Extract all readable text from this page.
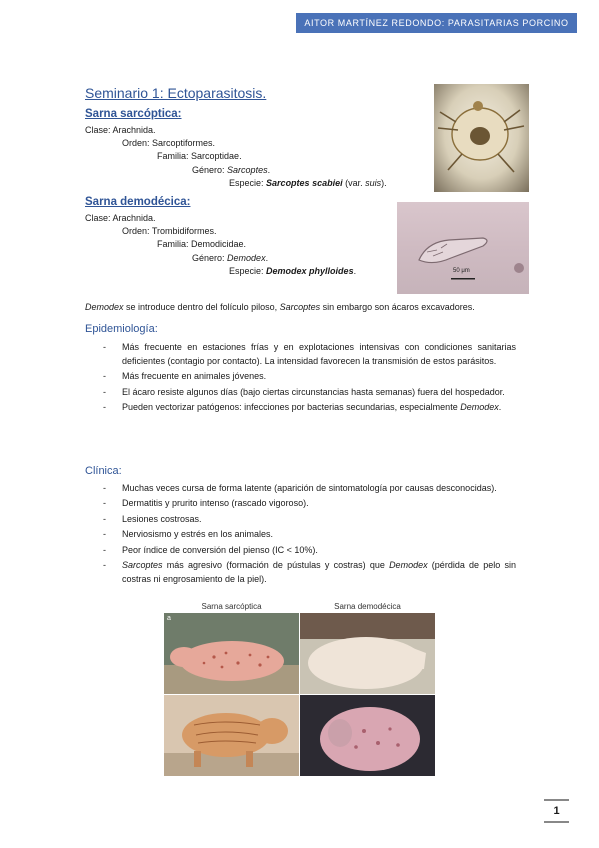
AITOR MARTÍNEZ REDONDO: PARASITARIAS PORCINO
Seminario 1: Ectoparasitosis.
Sarna sarcóptica:
Clase: Arachnida.
Orden: Sarcoptiformes.
Familia: Sarcoptidae.
Género: Sarcoptes.
Especie: Sarcoptes scabiei (var. suis).
Sarna demodécica:
Clase: Arachnida.
Orden: Trombidiformes.
Familia: Demodicidae.
Género: Demodex.
Especie: Demodex phylloides.	50 μm
Demodex se introduce dentro del folículo piloso, Sarcoptes sin embargo son ácaros excavadores.
Epidemiología:
- Más frecuente en estaciones frías y en explotaciones intensivas con condiciones sanitarias deficientes (contagio por contacto). La intensidad favorecen la transmisión de estos parásitos.
- Más frecuente en animales jóvenes.
- El ácaro resiste algunos días (bajo ciertas circunstancias hasta semanas) fuera del hospedador.
- Pueden vectorizar patógenos: infecciones por bacterias secundarias, especialmente Demodex.
Clínica:
- Muchas veces cursa de forma latente (aparición de sintomatología por causas desconocidas).
- Dermatitis y prurito intenso (rascado vigoroso).
- Lesiones costrosas.
- Nerviosismo y estrés en los animales.
- Peor índice de conversión del pienso (IC < 10%).
- Sarcoptes más agresivo (formación de pústulas y costras) que Demodex (pérdida de pelo sin costras ni engrosamiento de la piel).
Sarna sarcóptica	Sarna demodécica
a
1
